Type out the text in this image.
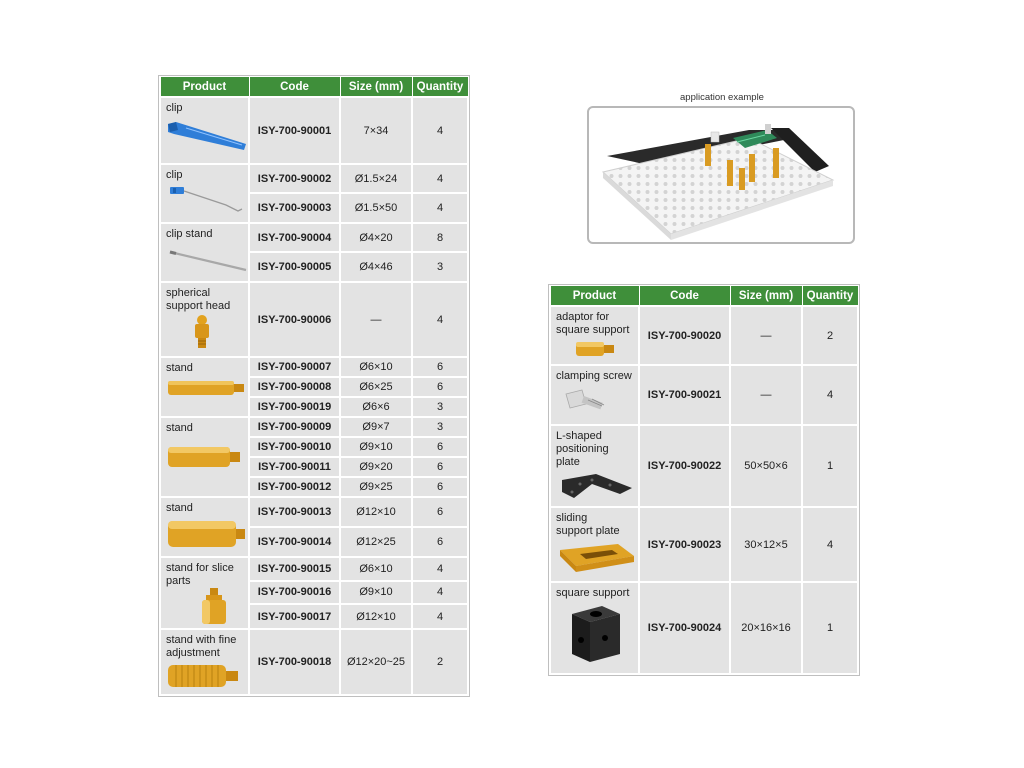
Product	Code	Size (mm)	Quantity

clip	ISY-700-90001	7×34	4

clip	ISY-700-90002	Ø1.5×24	4
	ISY-700-90003	Ø1.5×50	4

clip stand	ISY-700-90004	Ø4×20	8
	ISY-700-90005	Ø4×46	3

spherical
support head	ISY-700-90006	—	4

stand	ISY-700-90007	Ø6×10	6
	ISY-700-90008	Ø6×25	6
	ISY-700-90019	Ø6×6	3

stand	ISY-700-90009	Ø9×7	3
	ISY-700-90010	Ø9×10	6
	ISY-700-90011	Ø9×20	6
	ISY-700-90012	Ø9×25	6

stand	ISY-700-90013	Ø12×10	6
	ISY-700-90014	Ø12×25	6

stand for slice
parts	ISY-700-90015	Ø6×10	4
	ISY-700-90016	Ø9×10	4
	ISY-700-90017	Ø12×10	4

stand with fine
adjustment	ISY-700-90018	Ø12×20~25	2
application example
Product	Code	Size (mm)	Quantity

adaptor for
square support	ISY-700-90020	—	2

clamping screw	ISY-700-90021	—	4

L-shaped
positioning plate	ISY-700-90022	50×50×6	1

sliding
support plate	ISY-700-90023	30×12×5	4

square support	ISY-700-90024	20×16×16	1
